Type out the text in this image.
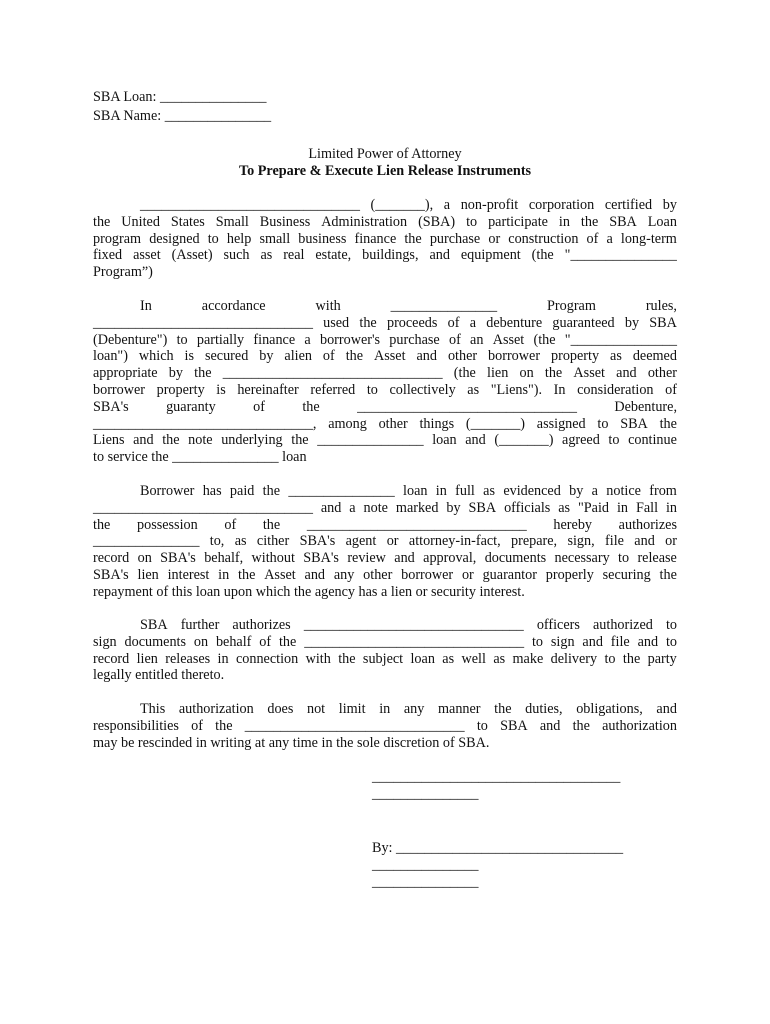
SBA Loan: _______________
SBA Name: _______________
Limited Power of Attorney
To Prepare & Execute Lien Release Instruments
_______________________________ (_______), a non-profit corporation certified by
the United States Small Business Administration (SBA) to participate in the SBA Loan
program designed to help small business finance the purchase or construction of a long-term
fixed asset (Asset) such as real estate, buildings, and equipment (the "_______________
Program”)
In	accordance	with	_______________	Program	rules,
_______________________________ used the proceeds of a debenture guaranteed by SBA
(Debenture") to partially finance a borrower's purchase of an Asset (the "_______________
loan") which is secured by alien of the Asset and other borrower property as deemed
appropriate by the _______________________________ (the lien on the Asset and other
borrower property is hereinafter referred to collectively as "Liens"). In consideration of
SBA's	guaranty	of	the	_______________________________	Debenture,
_______________________________, among other things (_______) assigned to SBA the
Liens and the note underlying the _______________ loan and (_______) agreed to continue
to service the _______________ loan
Borrower has paid the _______________ loan in full as evidenced by a notice from
_______________________________ and a note marked by SBA officials as "Paid in Fall in
the possession of the _______________________________ hereby authorizes
_______________ to, as cither SBA's agent or attorney-in-fact, prepare, sign, file and or
record on SBA's behalf, without SBA's review and approval, documents necessary to release
SBA's lien interest in the Asset and any other borrower or guarantor properly securing the
repayment of this loan upon which the agency has a lien or security interest.
SBA further authorizes _______________________________ officers authorized to
sign documents on behalf of the _______________________________ to sign and file and to
record lien releases in connection with the subject loan as well as make delivery to the party
legally entitled thereto.
This authorization does not limit in any manner the duties, obligations, and
responsibilities of the _______________________________ to SBA and the authorization
may be rescinded in writing at any time in the sole discretion of SBA.
___________________________________
_______________
By: ________________________________
_______________
_______________
